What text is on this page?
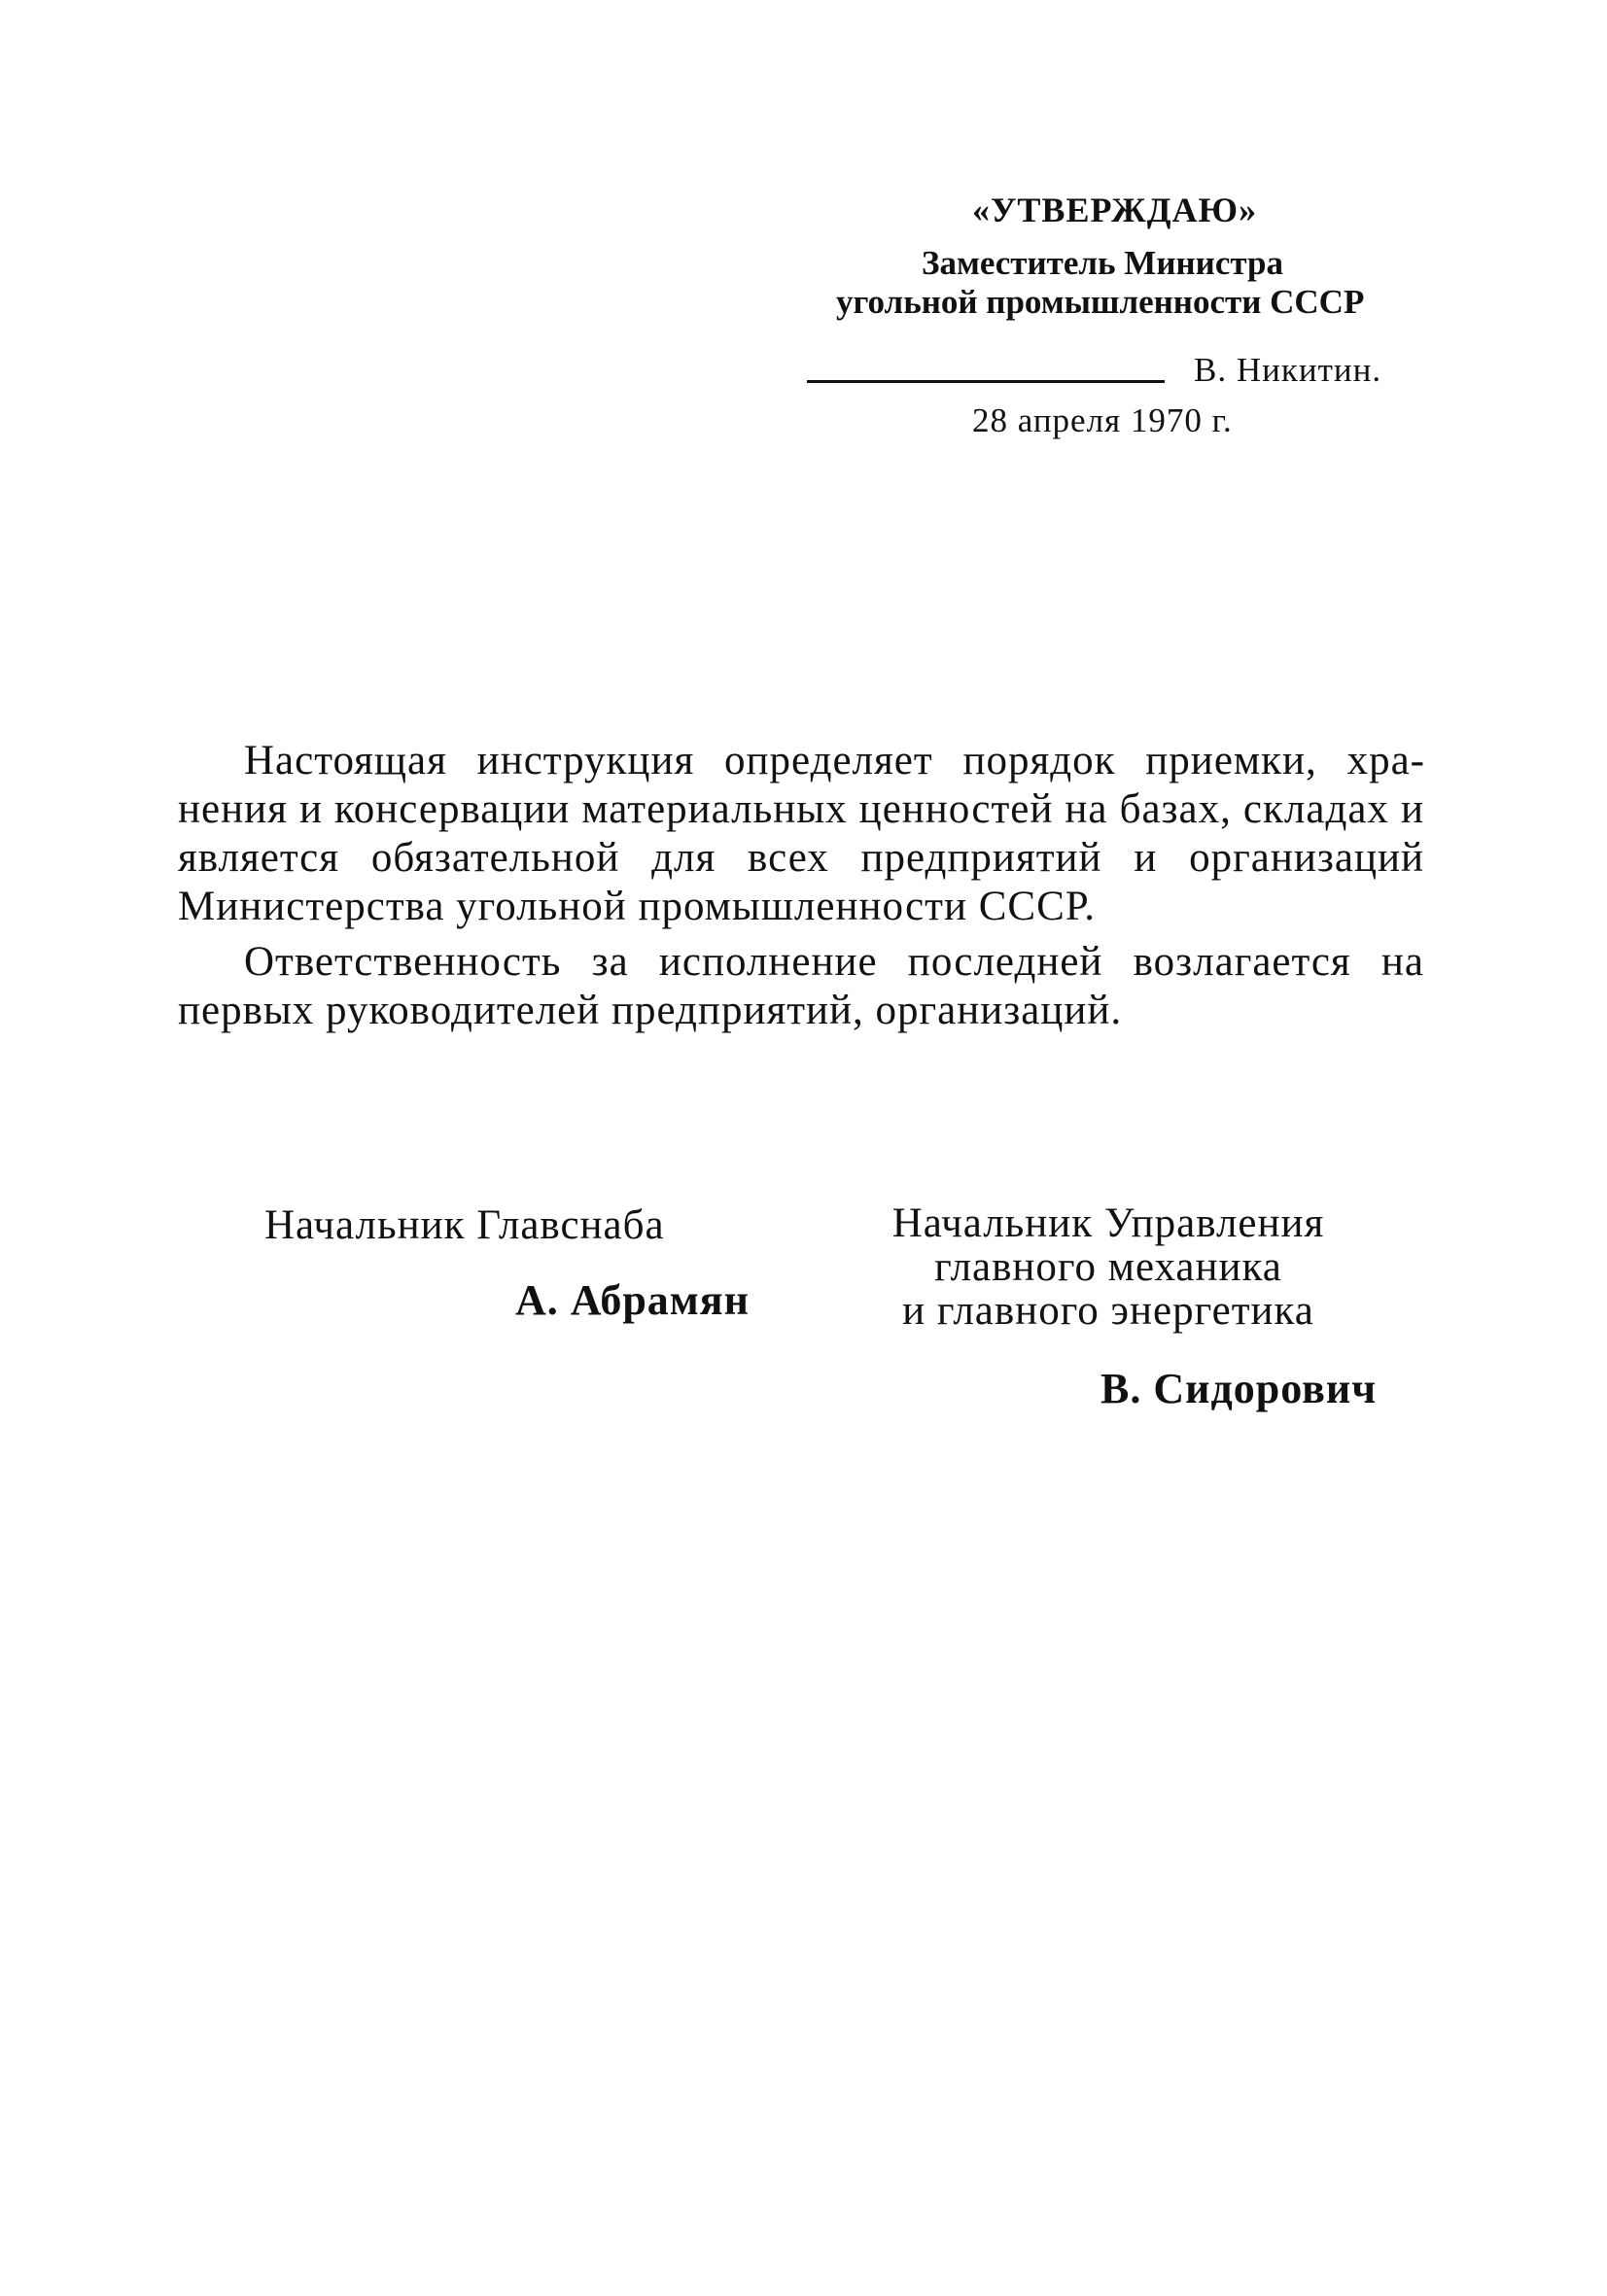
«УТВЕРЖДАЮ»
Заместитель Министра
угольной промышленности СССР
В. Никитин.
28 апреля 1970 г.

Настоящая инструкция определяет порядок приемки, хранения и консервации материальных ценностей на базах, складах и является обязательной для всех предприятий и организаций Министерства угольной промышленности СССР.

Ответственность за исполнение последней возлагается на первых руководителей предприятий, организаций.

Начальник Главснаба
А. Абрамян
Начальник Управления
главного механика
и главного энергетика
В. Сидорович
